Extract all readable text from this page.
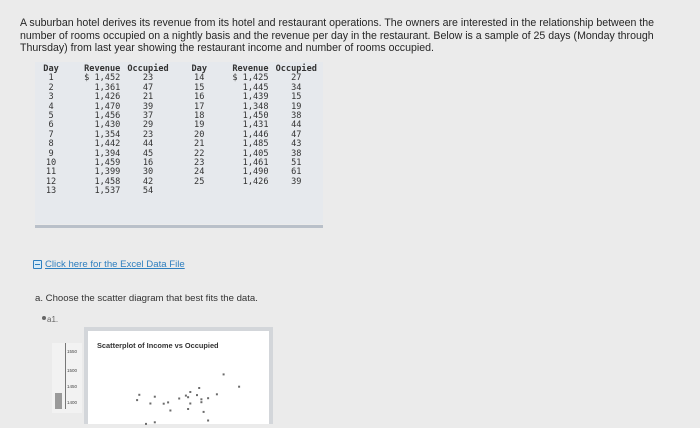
A suburban hotel derives its revenue from its hotel and restaurant operations. The owners are interested in the relationship between the number of rooms occupied on a nightly basis and the revenue per day in the restaurant. Below is a sample of 25 days (Monday through Thursday) from last year showing the restaurant income and number of rooms occupied.

Day	Revenue	Occupied		Day	Revenue	Occupied
1	$ 1,452	23		14	$ 1,425	27
2	1,361	47		15	1,445	34
3	1,426	21		16	1,439	15
4	1,470	39		17	1,348	19
5	1,456	37		18	1,450	38
6	1,430	29		19	1,431	44
7	1,354	23		20	1,446	47
8	1,442	44		21	1,485	43
9	1,394	45		22	1,405	38
10	1,459	16		23	1,461	51
11	1,399	30		24	1,490	61
12	1,458	42		25	1,426	39
13	1,537	54				
Click here for the Excel Data File

a. Choose the scatter diagram that best fits the data.

a1.
1550
1500
1450
1400
Scatterplot of Income vs Occupied
